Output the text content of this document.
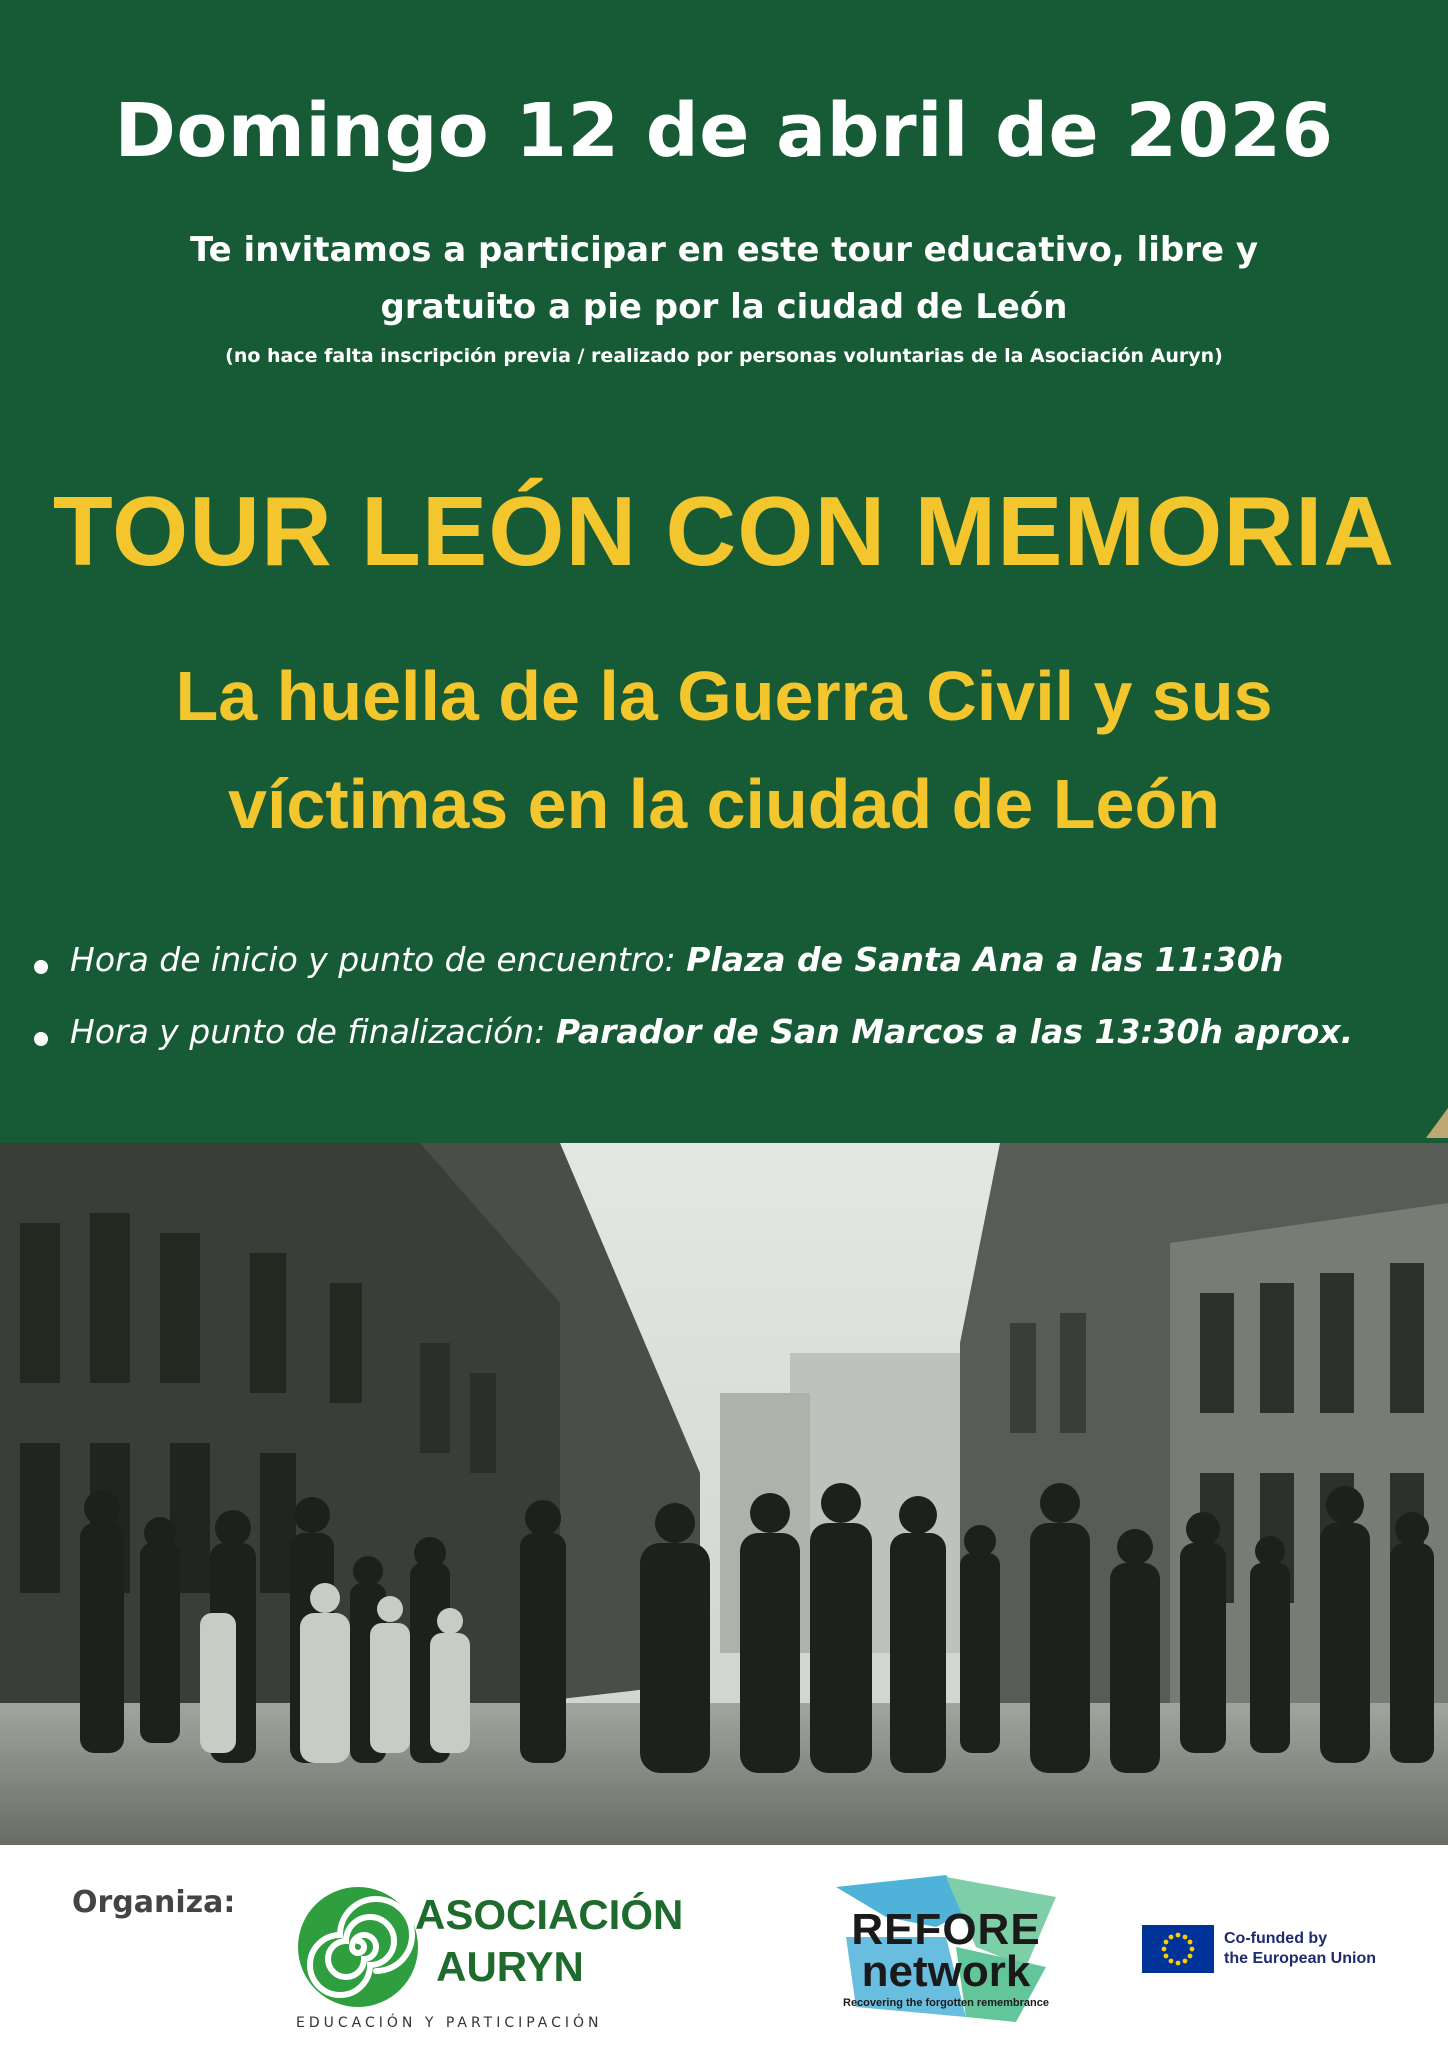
Domingo 12 de abril de 2026
Te invitamos a participar en este tour educativo, libre y gratuito a pie por la ciudad de León
(no hace falta inscripción previa / realizado por personas voluntarias de la Asociación Auryn)
TOUR LEÓN CON MEMORIA
La huella de la Guerra Civil y sus
víctimas en la ciudad de León
Hora de inicio y punto de encuentro: Plaza de Santa Ana a las 11:30h
Hora y punto de finalización: Parador de San Marcos a las 13:30h aprox.
Organiza:	ASOCIACIÓN
AURYN
EDUCACIÓN Y PARTICIPACIÓN
REFORE
network
Recovering the forgotten remembrance
Co-funded by
the European Union
